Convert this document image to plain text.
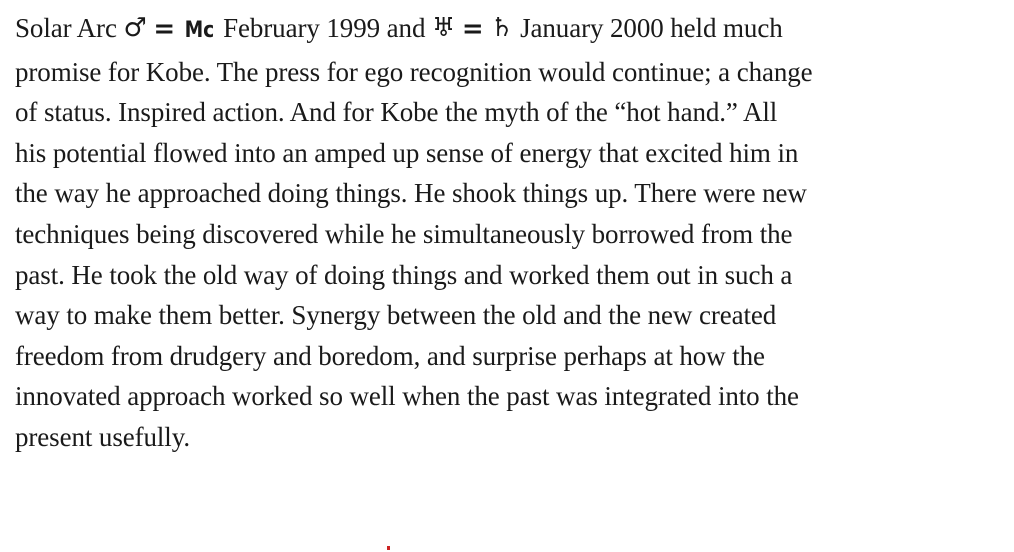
Solar Arc ♂ = Mc February 1999 and ♅ = ♄ January 2000 held much
promise for Kobe. The press for ego recognition would continue; a change
of status. Inspired action. And for Kobe the myth of the “hot hand.” All
his potential flowed into an amped up sense of energy that excited him in
the way he approached doing things. He shook things up. There were new
techniques being discovered while he simultaneously borrowed from the
past. He took the old way of doing things and worked them out in such a
way to make them better. Synergy between the old and the new created
freedom from drudgery and boredom, and surprise perhaps at how the
innovated approach worked so well when the past was integrated into the
present usefully.
